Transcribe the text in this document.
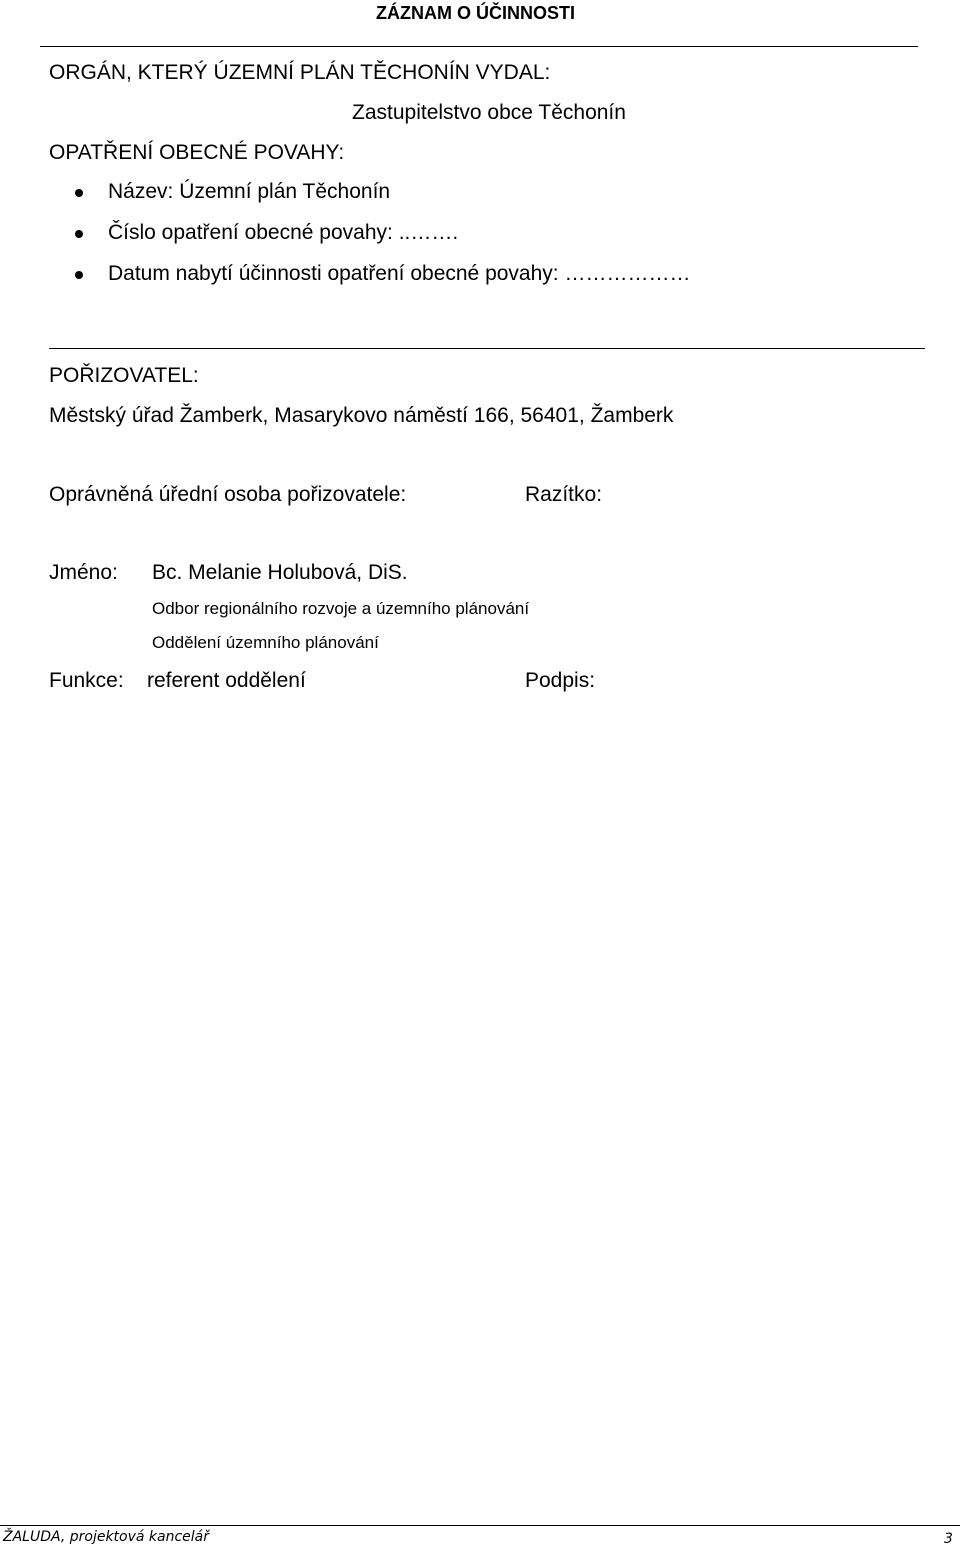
ZÁZNAM O ÚČINNOSTI
ORGÁN, KTERÝ ÚZEMNÍ PLÁN TĚCHONÍN VYDAL:
Zastupitelstvo obce Těchonín
OPATŘENÍ OBECNÉ POVAHY:
Název: Územní plán Těchonín
Číslo opatření obecné povahy: ..…….
Datum nabytí účinnosti opatření obecné povahy: ………………
POŘIZOVATEL:
Městský úřad Žamberk, Masarykovo náměstí 166, 56401, Žamberk
Oprávněná úřední osoba pořizovatele:	Razítko:
Jméno: Bc. Melanie Holubová, DiS.
Odbor regionálního rozvoje a územního plánování
Oddělení územního plánování
Funkce: referent oddělení	Podpis:
ŽALUDA, projektová kancelář	3
